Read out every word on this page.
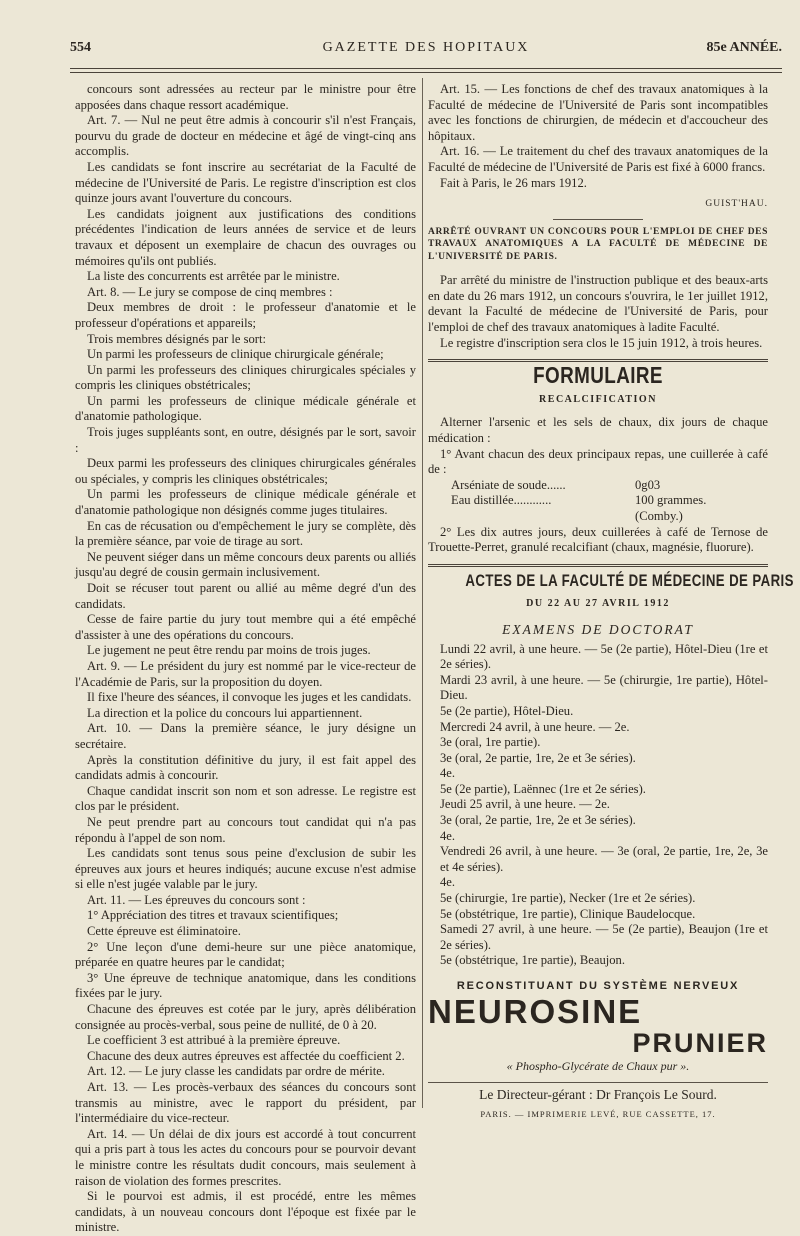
554	GAZETTE DES HOPITAUX	85e ANNÉE.

concours sont adressées au recteur par le ministre pour être apposées dans chaque ressort académique.

Art. 7. — Nul ne peut être admis à concourir s'il n'est Français, pourvu du grade de docteur en médecine et âgé de vingt-cinq ans accomplis.

Les candidats se font inscrire au secrétariat de la Faculté de médecine de l'Université de Paris. Le registre d'inscription est clos quinze jours avant l'ouverture du concours.

Les candidats joignent aux justifications des conditions précédentes l'indication de leurs années de service et de leurs travaux et déposent un exemplaire de chacun des ouvrages ou mémoires qu'ils ont publiés.

La liste des concurrents est arrêtée par le ministre.

Art. 8. — Le jury se compose de cinq membres :

Deux membres de droit : le professeur d'anatomie et le professeur d'opérations et appareils;

Trois membres désignés par le sort:

Un parmi les professeurs de clinique chirurgicale générale;

Un parmi les professeurs des cliniques chirurgicales spéciales y compris les cliniques obstétricales;

Un parmi les professeurs de clinique médicale générale et d'anatomie pathologique.

Trois juges suppléants sont, en outre, désignés par le sort, savoir :

Deux parmi les professeurs des cliniques chirurgicales générales ou spéciales, y compris les cliniques obstétricales;

Un parmi les professeurs de clinique médicale générale et d'anatomie pathologique non désignés comme juges titulaires.

En cas de récusation ou d'empêchement le jury se complète, dès la première séance, par voie de tirage au sort.

Ne peuvent siéger dans un même concours deux parents ou alliés jusqu'au degré de cousin germain inclusivement.

Doit se récuser tout parent ou allié au même degré d'un des candidats.

Cesse de faire partie du jury tout membre qui a été empêché d'assister à une des opérations du concours.

Le jugement ne peut être rendu par moins de trois juges.

Art. 9. — Le président du jury est nommé par le vice-recteur de l'Académie de Paris, sur la proposition du doyen.

Il fixe l'heure des séances, il convoque les juges et les candidats.

La direction et la police du concours lui appartiennent.

Art. 10. — Dans la première séance, le jury désigne un secrétaire.

Après la constitution définitive du jury, il est fait appel des candidats admis à concourir.

Chaque candidat inscrit son nom et son adresse. Le registre est clos par le président.

Ne peut prendre part au concours tout candidat qui n'a pas répondu à l'appel de son nom.

Les candidats sont tenus sous peine d'exclusion de subir les épreuves aux jours et heures indiqués; aucune excuse n'est admise si elle n'est jugée valable par le jury.

Art. 11. — Les épreuves du concours sont :

1° Appréciation des titres et travaux scientifiques;

Cette épreuve est éliminatoire.

2° Une leçon d'une demi-heure sur une pièce anatomique, préparée en quatre heures par le candidat;

3° Une épreuve de technique anatomique, dans les conditions fixées par le jury.

Chacune des épreuves est cotée par le jury, après délibération consignée au procès-verbal, sous peine de nullité, de 0 à 20.

Le coefficient 3 est attribué à la première épreuve.

Chacune des deux autres épreuves est affectée du coefficient 2.

Art. 12. — Le jury classe les candidats par ordre de mérite.

Art. 13. — Les procès-verbaux des séances du concours sont transmis au ministre, avec le rapport du président, par l'intermédiaire du vice-recteur.

Art. 14. — Un délai de dix jours est accordé à tout concurrent qui a pris part à tous les actes du concours pour se pourvoir devant le ministre contre les résultats dudit concours, mais seulement à raison de violation des formes prescrites.

Si le pourvoi est admis, il est procédé, entre les mêmes candidats, à un nouveau concours dont l'époque est fixée par le ministre.

Art. 15. — Les fonctions de chef des travaux anatomiques à la Faculté de médecine de l'Université de Paris sont incompatibles avec les fonctions de chirurgien, de médecin et d'accoucheur des hôpitaux.

Art. 16. — Le traitement du chef des travaux anatomiques de la Faculté de médecine de l'Université de Paris est fixé à 6000 francs.

Fait à Paris, le 26 mars 1912.

GUIST'HAU.
ARRÊTÉ OUVRANT UN CONCOURS POUR L'EMPLOI DE CHEF DES TRAVAUX ANATOMIQUES A LA FACULTÉ DE MÉDECINE DE L'UNIVERSITÉ DE PARIS.

Par arrêté du ministre de l'instruction publique et des beaux-arts en date du 26 mars 1912, un concours s'ouvrira, le 1er juillet 1912, devant la Faculté de médecine de l'Université de Paris, pour l'emploi de chef des travaux anatomiques à ladite Faculté.

Le registre d'inscription sera clos le 15 juin 1912, à trois heures.

FORMULAIRE
RECALCIFICATION

Alterner l'arsenic et les sels de chaux, dix jours de chaque médication :

1° Avant chacun des deux principaux repas, une cuillerée à café de :

Arséniate de soude......	0g03
Eau distillée............	100 grammes.
(Comby.)

2° Les dix autres jours, deux cuillerées à café de Ternose de Trouette-Perret, granulé recalcifiant (chaux, magnésie, fluorure).

ACTES DE LA FACULTÉ DE MÉDECINE DE PARIS
DU 22 AU 27 AVRIL 1912
EXAMENS DE DOCTORAT

Lundi 22 avril, à une heure. — 5e (2e partie), Hôtel-Dieu (1re et 2e séries).

Mardi 23 avril, à une heure. — 5e (chirurgie, 1re partie), Hôtel-Dieu.

5e (2e partie), Hôtel-Dieu.

Mercredi 24 avril, à une heure. — 2e.

3e (oral, 1re partie).

3e (oral, 2e partie, 1re, 2e et 3e séries).

4e.

5e (2e partie), Laënnec (1re et 2e séries).

Jeudi 25 avril, à une heure. — 2e.

3e (oral, 2e partie, 1re, 2e et 3e séries).

4e.

Vendredi 26 avril, à une heure. — 3e (oral, 2e partie, 1re, 2e, 3e et 4e séries).

4e.

5e (chirurgie, 1re partie), Necker (1re et 2e séries).

5e (obstétrique, 1re partie), Clinique Baudelocque.

Samedi 27 avril, à une heure. — 5e (2e partie), Beaujon (1re et 2e séries).

5e (obstétrique, 1re partie), Beaujon.

RECONSTITUANT DU SYSTÈME NERVEUX
NEUROSINE
PRUNIER
« Phospho-Glycérate de Chaux pur ».
Le Directeur-gérant : Dr François Le Sourd.
PARIS. — IMPRIMERIE LEVÉ, RUE CASSETTE, 17.
